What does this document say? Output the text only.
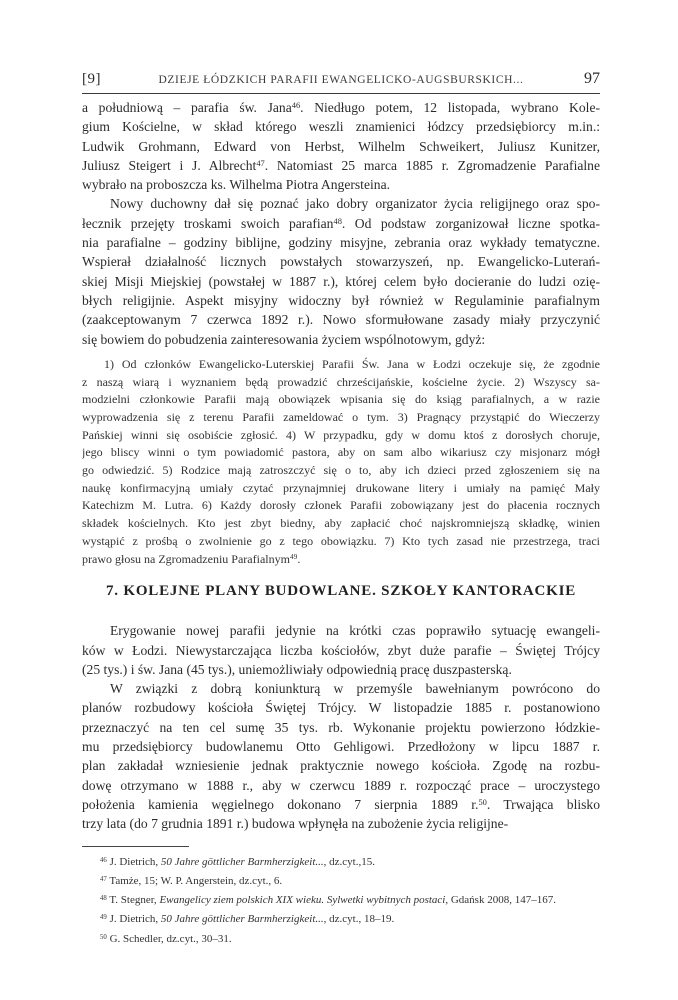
[9]	DZIEJE ŁÓDZKICH PARAFII EWANGELICKO-AUGSBURSKICH...	97
a południową – parafia św. Jana$^{46}$. Niedługo potem, 12 listopada, wybrano Kole-
gium Kościelne, w skład którego weszli znamienici łódzcy przedsiębiorcy m.in.:
Ludwik Grohmann, Edward von Herbst, Wilhelm Schweikert, Juliusz Kunitzer,
Juliusz Steigert i J. Albrecht$^{47}$. Natomiast 25 marca 1885 r. Zgromadzenie Parafialne
wybrało na proboszcza ks. Wilhelma Piotra Angersteina.
Nowy duchowny dał się poznać jako dobry organizator życia religijnego oraz spo-
łecznik przejęty troskami swoich parafian$^{48}$. Od podstaw zorganizował liczne spotka-
nia parafialne – godziny biblijne, godziny misyjne, zebrania oraz wykłady tematyczne.
Wspierał działalność licznych powstałych stowarzyszeń, np. Ewangelicko-Luterań-
skiej Misji Miejskiej (powstałej w 1887 r.), której celem było docieranie do ludzi ozię-
błych religijnie. Aspekt misyjny widoczny był również w Regulaminie parafialnym
(zaakceptowanym 7 czerwca 1892 r.). Nowo sformułowane zasady miały przyczynić
się bowiem do pobudzenia zainteresowania życiem wspólnotowym, gdyż:
1) Od członków Ewangelicko-Luterskiej Parafii Św. Jana w Łodzi oczekuje się, że zgodnie
z naszą wiarą i wyznaniem będą prowadzić chrześcijańskie, kościelne życie. 2) Wszyscy sa-
modzielni członkowie Parafii mają obowiązek wpisania się do ksiąg parafialnych, a w razie
wyprowadzenia się z terenu Parafii zameldować o tym. 3) Pragnący przystąpić do Wieczerzy
Pańskiej winni się osobiście zgłosić. 4) W przypadku, gdy w domu ktoś z dorosłych choruje,
jego bliscy winni o tym powiadomić pastora, aby on sam albo wikariusz czy misjonarz mógł
go odwiedzić. 5) Rodzice mają zatroszczyć się o to, aby ich dzieci przed zgłoszeniem się na
naukę konfirmacyjną umiały czytać przynajmniej drukowane litery i umiały na pamięć Mały
Katechizm M. Lutra. 6) Każdy dorosły członek Parafii zobowiązany jest do płacenia rocznych
składek kościelnych. Kto jest zbyt biedny, aby zapłacić choć najskromniejszą składkę, winien
wystąpić z prośbą o zwolnienie go z tego obowiązku. 7) Kto tych zasad nie przestrzega, traci
prawo głosu na Zgromadzeniu Parafialnym$^{49}$.
7. KOLEJNE PLANY BUDOWLANE. SZKOŁY KANTORACKIE
Erygowanie nowej parafii jedynie na krótki czas poprawiło sytuację ewangeli-
ków w Łodzi. Niewystarczająca liczba kościołów, zbyt duże parafie – Świętej Trójcy
(25 tys.) i św. Jana (45 tys.), uniemożliwiały odpowiednią pracę duszpasterską.
W związki z dobrą koniunkturą w przemyśle bawełnianym powrócono do
planów rozbudowy kościoła Świętej Trójcy. W listopadzie 1885 r. postanowiono
przeznaczyć na ten cel sumę 35 tys. rb. Wykonanie projektu powierzono łódzkie-
mu przedsiębiorcy budowlanemu Otto Gehligowi. Przedłożony w lipcu 1887 r.
plan zakładał wzniesienie jednak praktycznie nowego kościoła. Zgodę na rozbu-
dowę otrzymano w 1888 r., aby w czerwcu 1889 r. rozpocząć prace – uroczystego
położenia kamienia węgielnego dokonano 7 sierpnia 1889 r.$^{50}$. Trwająca blisko
trzy lata (do 7 grudnia 1891 r.) budowa wpłynęła na zubożenie życia religijne-
$^{46}$ J. Dietrich, 50 Jahre göttlicher Barmherzigkeit..., dz.cyt.,15.
$^{47}$ Tamże, 15; W. P. Angerstein, dz.cyt., 6.
$^{48}$ T. Stegner, Ewangelicy ziem polskich XIX wieku. Sylwetki wybitnych postaci, Gdańsk 2008, 147–167.
$^{49}$ J. Dietrich, 50 Jahre göttlicher Barmherzigkeit..., dz.cyt., 18–19.
$^{50}$ G. Schedler, dz.cyt., 30–31.
